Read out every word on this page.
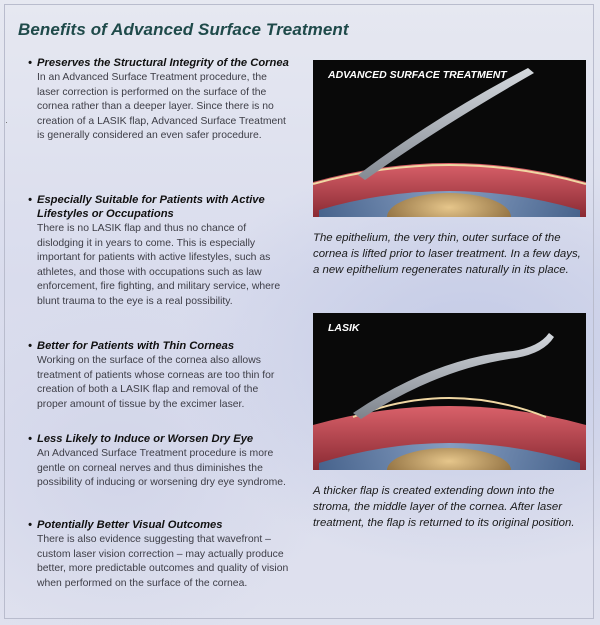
Benefits of Advanced Surface Treatment
·

• Preserves the Structural Integrity of the Cornea

In an Advanced Surface Treatment procedure, the laser correction is performed on the surface of the cornea rather than a deeper layer. Since there is no creation of a LASIK flap, Advanced Surface Treatment is generally considered an even safer procedure.

• Especially Suitable for Patients with Active Lifestyles or Occupations

There is no LASIK flap and thus no chance of dislodging it in years to come. This is especially important for patients with active lifestyles, such as athletes, and those with occupations such as law enforcement, fire fighting, and military service, where blunt trauma to the eye is a real possibility.

• Better for Patients with Thin Corneas

Working on the surface of the cornea also allows treatment of patients whose corneas are too thin for creation of both a LASIK flap and removal of the proper amount of tissue by the excimer laser.

• Less Likely to Induce or Worsen Dry Eye

An Advanced Surface Treatment procedure is more gentle on corneal nerves and thus diminishes the possibility of inducing or worsening dry eye syndrome.

• Potentially Better Visual Outcomes

There is also evidence suggesting that wavefront – custom laser vision correction – may actually produce better, more predictable outcomes and quality of vision when performed on the surface of the cornea.

ADVANCED SURFACE TREATMENT

The epithelium, the very thin, outer surface of the cornea is lifted prior to laser treatment. In a few days, a new epithelium regenerates naturally in its place.

LASIK

A thicker flap is created extending down into the stroma, the middle layer of the cornea. After laser treatment, the flap is returned to its original position.
